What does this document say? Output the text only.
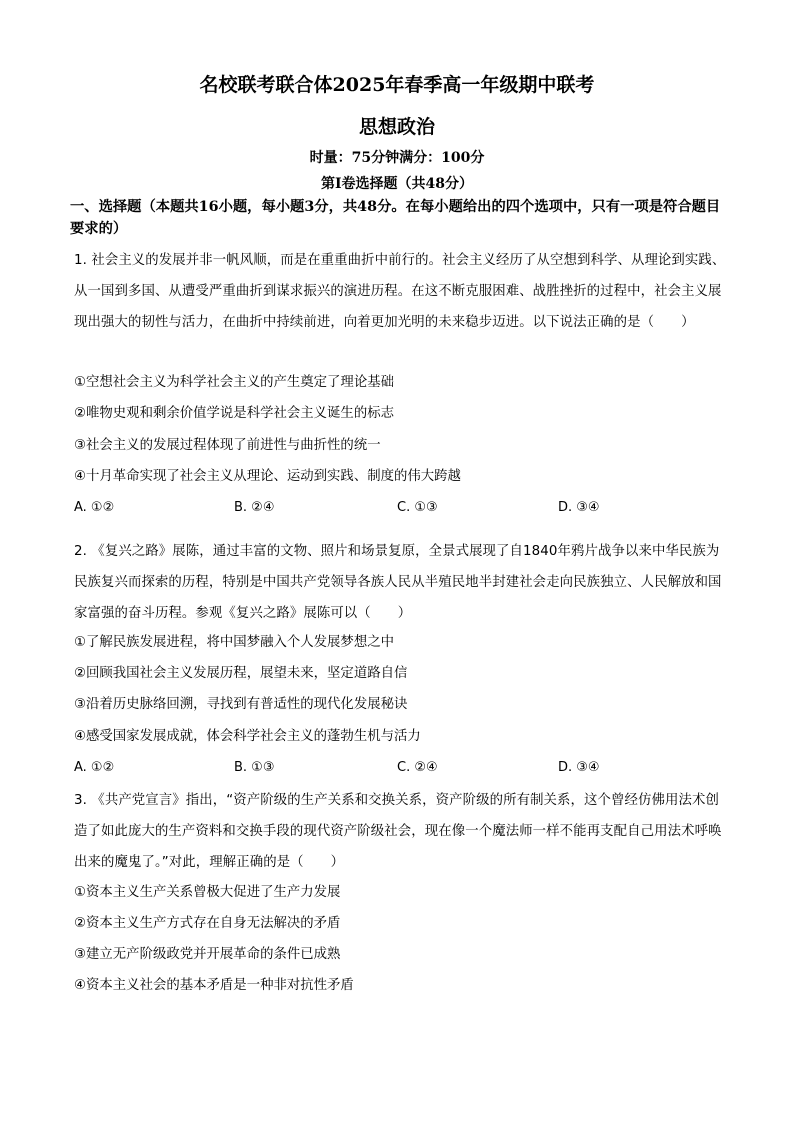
名校联考联合体2025年春季高一年级期中联考
思想政治
时量：75分钟满分：100分
第Ⅰ卷选择题（共48分）
一、选择题（本题共16小题，每小题3分，共48分。在每小题给出的四个选项中，只有一项是符合题目要求的）
1. 社会主义的发展并非一帆风顺，而是在重重曲折中前行的。社会主义经历了从空想到科学、从理论到实践、从一国到多国、从遭受严重曲折到谋求振兴的演进历程。在这不断克服困难、战胜挫折的过程中，社会主义展现出强大的韧性与活力，在曲折中持续前进，向着更加光明的未来稳步迈进。以下说法正确的是（　　）
①空想社会主义为科学社会主义的产生奠定了理论基础
②唯物史观和剩余价值学说是科学社会主义诞生的标志
③社会主义的发展过程体现了前进性与曲折性的统一
④十月革命实现了社会主义从理论、运动到实践、制度的伟大跨越
A. ①②	B. ②④	C. ①③	D. ③④
2. 《复兴之路》展陈，通过丰富的文物、照片和场景复原，全景式展现了自1840年鸦片战争以来中华民族为民族复兴而探索的历程，特别是中国共产党领导各族人民从半殖民地半封建社会走向民族独立、人民解放和国家富强的奋斗历程。参观《复兴之路》展陈可以（　　）
①了解民族发展进程，将中国梦融入个人发展梦想之中
②回顾我国社会主义发展历程，展望未来，坚定道路自信
③沿着历史脉络回溯，寻找到有普适性的现代化发展秘诀
④感受国家发展成就，体会科学社会主义的蓬勃生机与活力
A. ①②	B. ①③	C. ②④	D. ③④
3. 《共产党宣言》指出，“资产阶级的生产关系和交换关系，资产阶级的所有制关系，这个曾经仿佛用法术创造了如此庞大的生产资料和交换手段的现代资产阶级社会，现在像一个魔法师一样不能再支配自己用法术呼唤出来的魔鬼了。”对此，理解正确的是（　　）
①资本主义生产关系曾极大促进了生产力发展
②资本主义生产方式存在自身无法解决的矛盾
③建立无产阶级政党并开展革命的条件已成熟
④资本主义社会的基本矛盾是一种非对抗性矛盾
